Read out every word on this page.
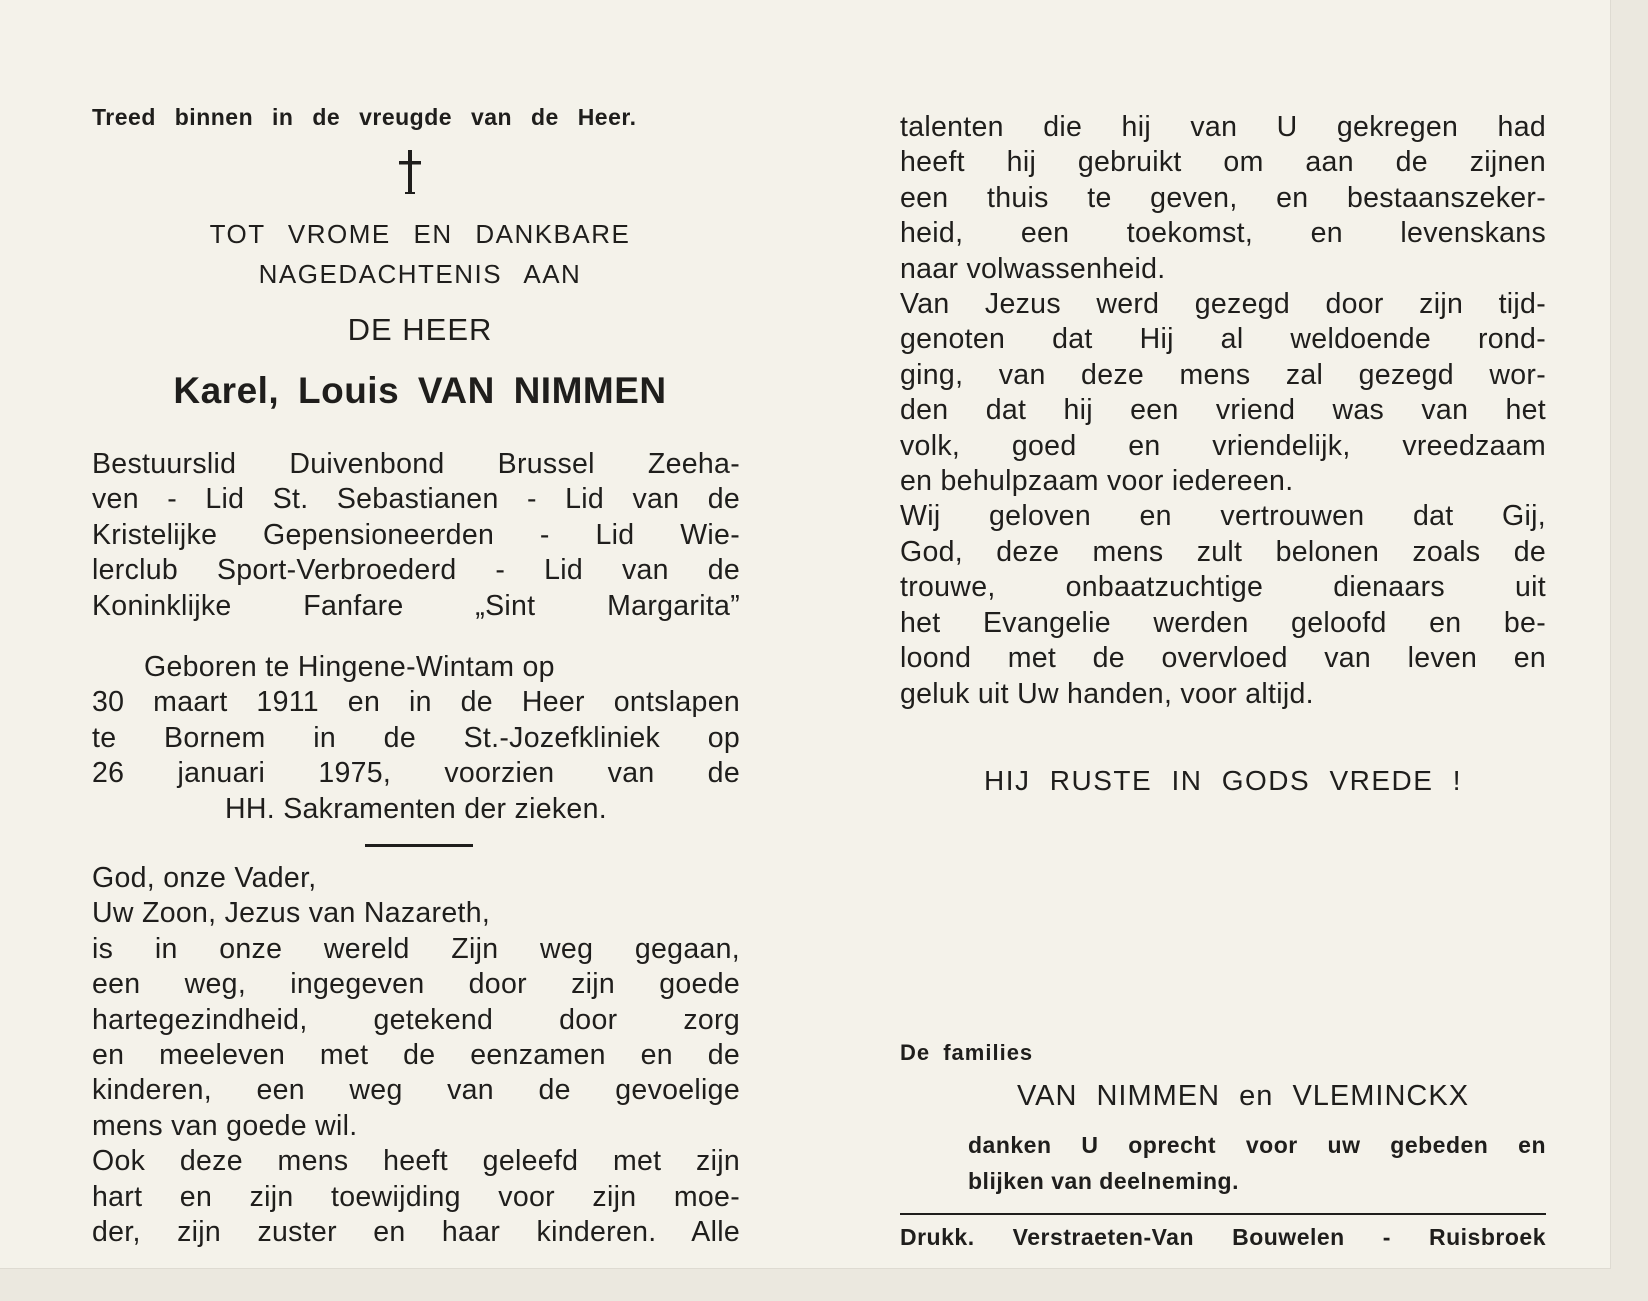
Treed binnen in de vreugde van de Heer.
TOT VROME EN DANKBARE
NAGEDACHTENIS AAN
DE HEER
Karel, Louis VAN NIMMEN

Bestuurslid Duivenbond Brussel Zeeha-

ven - Lid St. Sebastianen - Lid van de

Kristelijke Gepensioneerden - Lid Wie-

lerclub Sport-Verbroederd - Lid van de

Koninklijke Fanfare „Sint Margarita”

Geboren te Hingene-Wintam op

30 maart 1911 en in de Heer ontslapen

te Bornem in de St.-Jozefkliniek op

26 januari 1975, voorzien van de

HH. Sakramenten der zieken.

God, onze Vader,

Uw Zoon, Jezus van Nazareth,

is in onze wereld Zijn weg gegaan,

een weg, ingegeven door zijn goede

hartegezindheid, getekend door zorg

en meeleven met de eenzamen en de

kinderen, een weg van de gevoelige

mens van goede wil.

Ook deze mens heeft geleefd met zijn

hart en zijn toewijding voor zijn moe-

der, zijn zuster en haar kinderen. Alle

talenten die hij van U gekregen had

heeft hij gebruikt om aan de zijnen

een thuis te geven, en bestaanszeker-

heid, een toekomst, en levenskans

naar volwassenheid.

Van Jezus werd gezegd door zijn tijd-

genoten dat Hij al weldoende rond-

ging, van deze mens zal gezegd wor-

den dat hij een vriend was van het

volk, goed en vriendelijk, vreedzaam

en behulpzaam voor iedereen.

Wij geloven en vertrouwen dat Gij,

God, deze mens zult belonen zoals de

trouwe, onbaatzuchtige dienaars uit

het Evangelie werden geloofd en be-

loond met de overvloed van leven en

geluk uit Uw handen, voor altijd.

HIJ RUSTE IN GODS VREDE !
De families
VAN NIMMEN en VLEMINCKX

danken U oprecht voor uw gebeden en

blijken van deelneming.

Drukk. Verstraeten-Van Bouwelen - Ruisbroek
